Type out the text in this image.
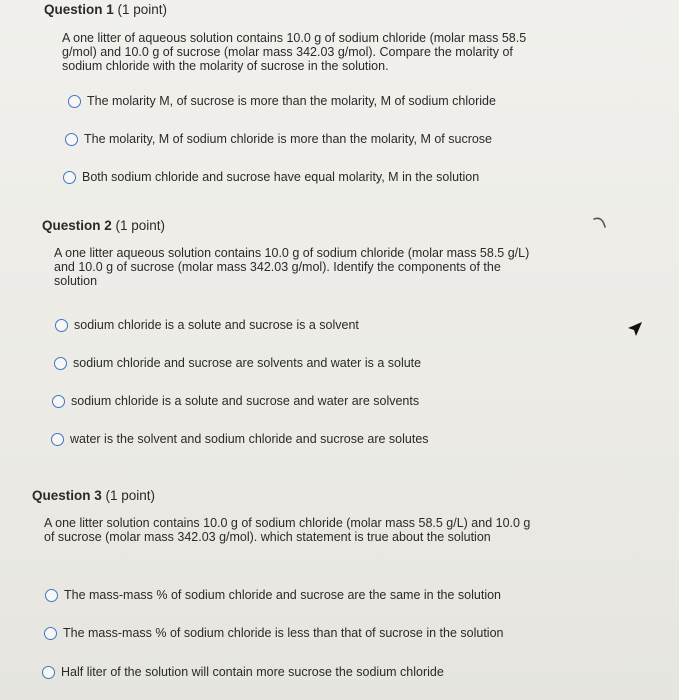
Question 1 (1 point)
A one litter of aqueous solution contains 10.0 g of sodium chloride (molar mass 58.5 g/mol) and 10.0 g of sucrose (molar mass 342.03 g/mol). Compare the molarity of sodium chloride with the molarity of sucrose in the solution.
The molarity M, of sucrose is more than the molarity, M of sodium chloride
The molarity, M of sodium chloride is more than the molarity, M of sucrose
Both sodium chloride and sucrose have equal molarity, M in the solution
Question 2 (1 point)
A one litter aqueous solution contains 10.0 g of sodium chloride (molar mass 58.5 g/L) and 10.0 g of sucrose (molar mass 342.03 g/mol). Identify the components of the solution
sodium chloride is a solute and sucrose is a solvent
sodium chloride and sucrose are solvents and water is a solute
sodium chloride is a solute and sucrose and water are solvents
water is the solvent and sodium chloride and sucrose are solutes
Question 3 (1 point)
A one litter solution contains 10.0 g of sodium chloride (molar mass 58.5 g/L) and 10.0 g of sucrose (molar mass 342.03 g/mol). which statement is true about the solution
The mass-mass % of sodium chloride and sucrose are the same in the solution
The mass-mass % of sodium chloride is less than that of sucrose in the solution
Half liter of the solution will contain more sucrose the sodium chloride
